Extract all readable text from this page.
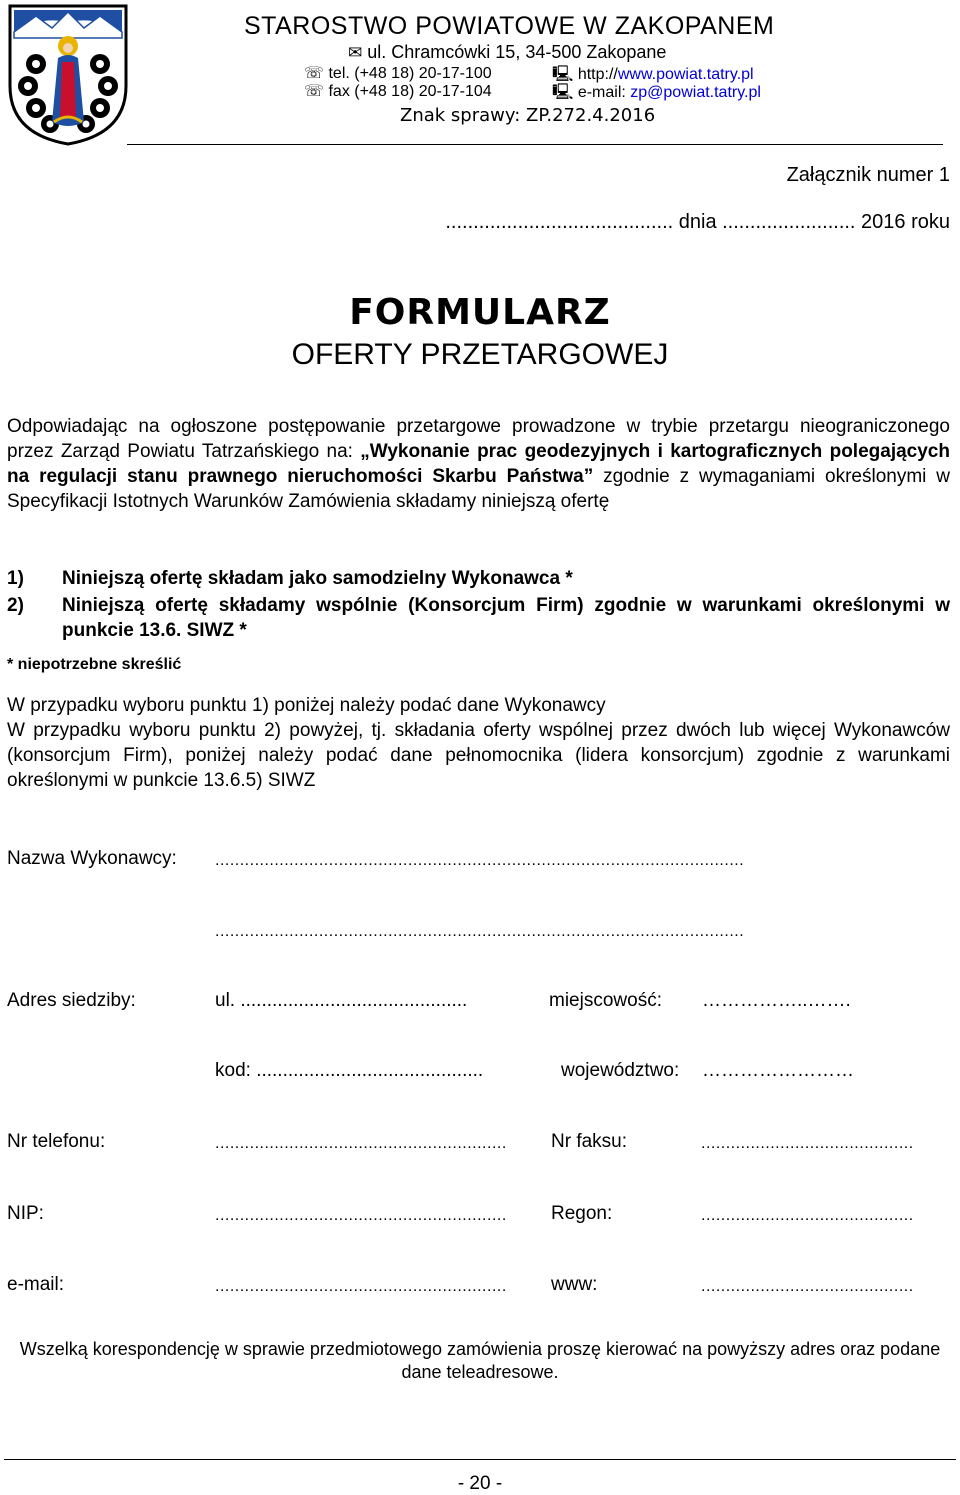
STAROSTWO POWIATOWE W ZAKOPANEM
✉ ul. Chramcówki 15, 34-500 Zakopane
☏ tel. (+48 18) 20-17-100
☏ fax (+48 18) 20-17-104
🖳 http://www.powiat.tatry.pl
🖳 e-mail: zp@powiat.tatry.pl
Znak sprawy: ZP.272.4.2016
Załącznik numer 1
......................................... dnia ........................ 2016 roku
FORMULARZ
OFERTY PRZETARGOWEJ
Odpowiadając na ogłoszone postępowanie przetargowe prowadzone w trybie przetargu nieograniczonego przez Zarząd Powiatu Tatrzańskiego na: „Wykonanie prac geodezyjnych i kartograficznych polegających na regulacji stanu prawnego nieruchomości Skarbu Państwa” zgodnie z wymaganiami określonymi w Specyfikacji Istotnych Warunków Zamówienia składamy niniejszą ofertę
1) Niniejszą ofertę składam jako samodzielny Wykonawca *
2)	Niniejszą ofertę składamy wspólnie (Konsorcjum Firm) zgodnie w warunkami określonymi w punkcie 13.6. SIWZ *
* niepotrzebne skreślić
W przypadku wyboru punktu 1) poniżej należy podać dane Wykonawcy
W przypadku wyboru punktu 2) powyżej, tj. składania oferty wspólnej przez dwóch lub więcej Wykonawców (konsorcjum Firm), poniżej należy podać dane pełnomocnika (lidera konsorcjum) zgodnie z warunkami określonymi w punkcie 13.6.5) SIWZ
Nazwa Wykonawcy: ...........................................................................................................
...........................................................................................................
Adres siedziby:	ul. ...........................................	miejscowość: ……………..…….
kod: ...........................................	województwo: ……………………
Nr telefonu:	........................................................... Nr faksu:	...........................................
NIP:	........................................................... Regon:	...........................................
e-mail:	........................................................... www:	...........................................
Wszelką korespondencję w sprawie przedmiotowego zamówienia proszę kierować na powyższy adres oraz podane dane teleadresowe.
- 20 -
